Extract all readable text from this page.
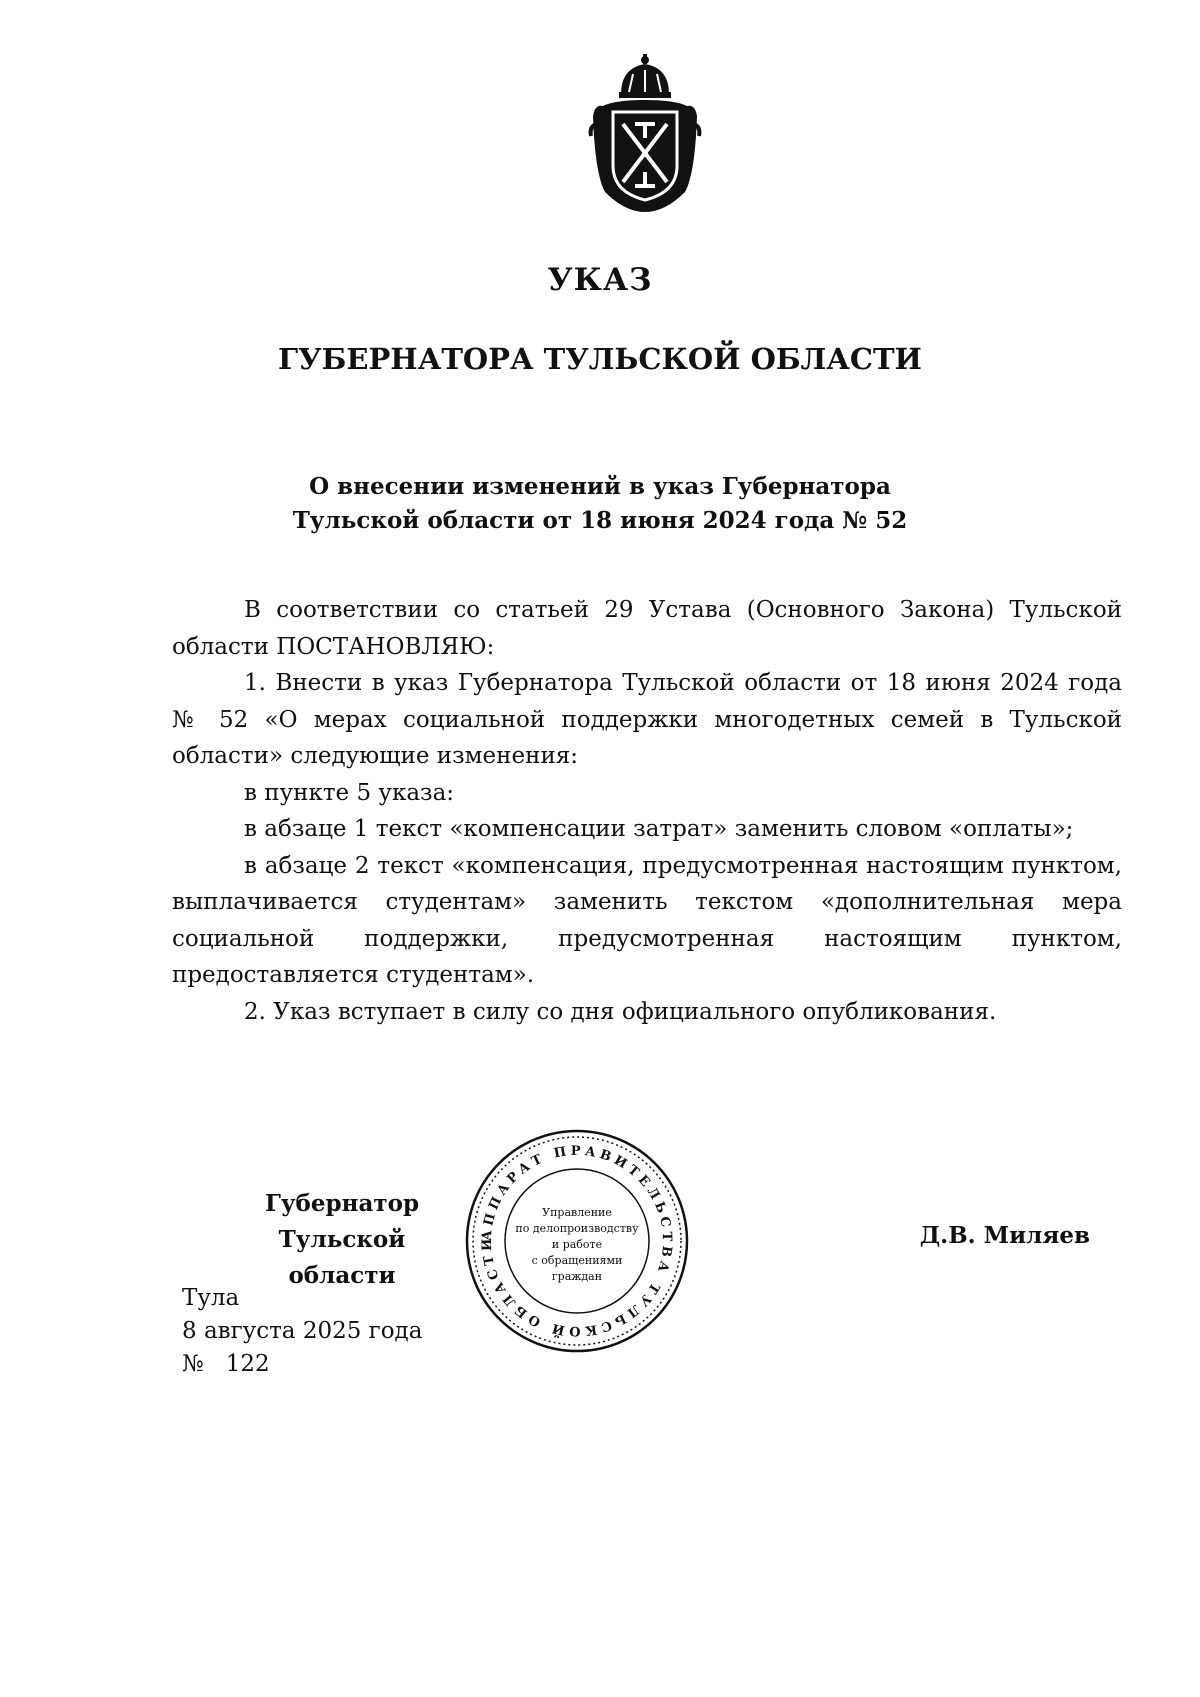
УКАЗ
ГУБЕРНАТОРА ТУЛЬСКОЙ ОБЛАСТИ
О внесении изменений в указ Губернатора
Тульской области от 18 июня 2024 года № 52

В соответствии со статьей 29 Устава (Основного Закона) Тульской области ПОСТАНОВЛЯЮ:

1. Внести в указ Губернатора Тульской области от 18 июня 2024 года № 52 «О мерах социальной поддержки многодетных семей в Тульской области» следующие изменения:

в пункте 5 указа:

в абзаце 1 текст «компенсации затрат» заменить словом «оплаты»;

в абзаце 2 текст «компенсация, предусмотренная настоящим пунктом, выплачивается студентам» заменить текстом «дополнительная мера социальной поддержки, предусмотренная настоящим пунктом, предоставляется студентам».

2. Указ вступает в силу со дня официального опубликования.

Губернатор
Тульской области
Д.В. Миляев
Тула
8 августа 2025 года
№ 122
АППАРАТ ПРАВИТЕЛЬСТВА ТУЛЬСКОЙ ОБЛАСТИ
Управление
по делопроизводству
и работе
с обращениями
граждан
